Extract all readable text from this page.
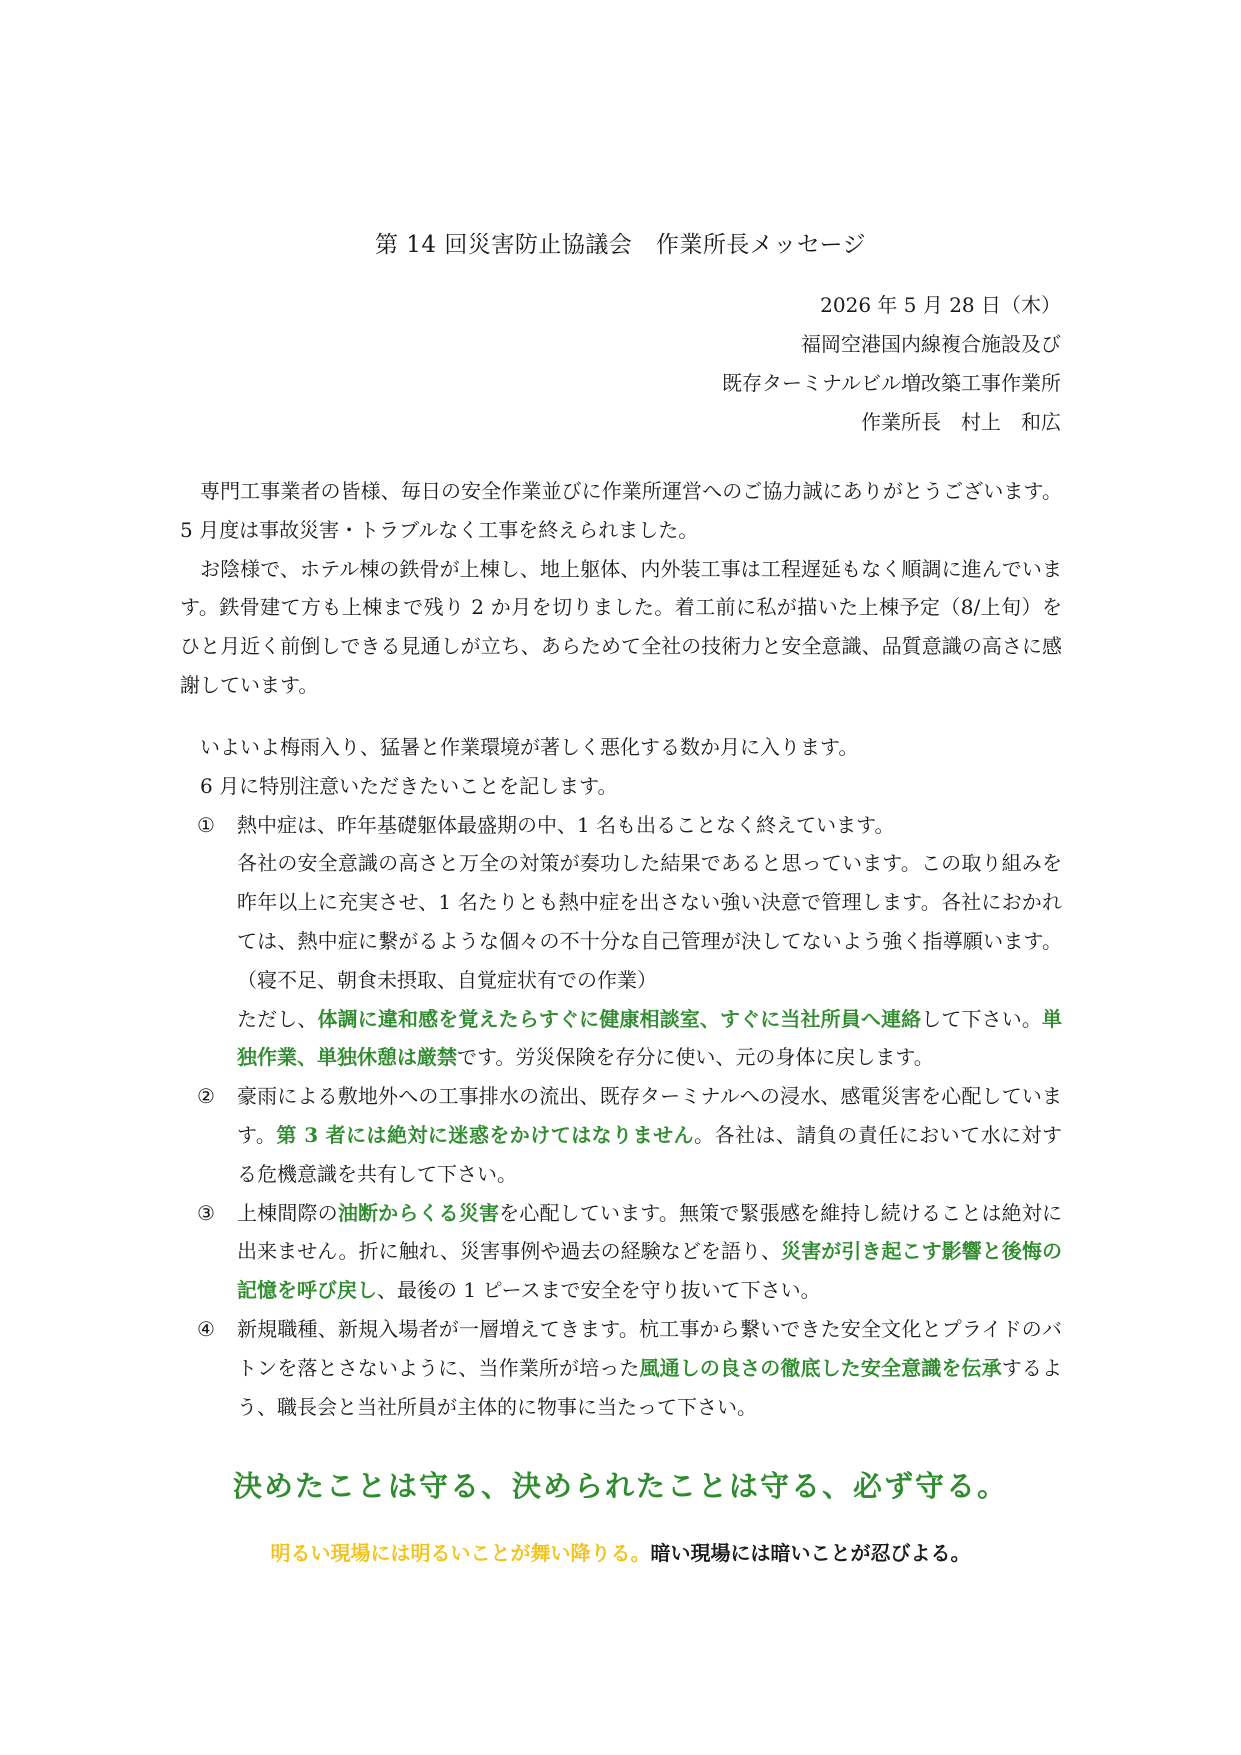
第 14 回災害防止協議会　作業所長メッセージ
2026 年 5 月 28 日（木）
福岡空港国内線複合施設及び
既存ターミナルビル増改築工事作業所
作業所長　村上　和広

専門工事業者の皆様、毎日の安全作業並びに作業所運営へのご協力誠にありがとうございます。5 月度は事故災害・トラブルなく工事を終えられました。

お陰様で、ホテル棟の鉄骨が上棟し、地上躯体、内外装工事は工程遅延もなく順調に進んでいます。鉄骨建て方も上棟まで残り 2 か月を切りました。着工前に私が描いた上棟予定（8/上旬）をひと月近く前倒しできる見通しが立ち、あらためて全社の技術力と安全意識、品質意識の高さに感謝しています。

いよいよ梅雨入り、猛暑と作業環境が著しく悪化する数か月に入ります。

6 月に特別注意いただきたいことを記します。

① 熱中症は、昨年基礎躯体最盛期の中、1 名も出ることなく終えています。
各社の安全意識の高さと万全の対策が奏功した結果であると思っています。この取り組みを昨年以上に充実させ、1 名たりとも熱中症を出さない強い決意で管理します。各社におかれては、熱中症に繋がるような個々の不十分な自己管理が決してないよう強く指導願います。（寝不足、朝食未摂取、自覚症状有での作業）
ただし、体調に違和感を覚えたらすぐに健康相談室、すぐに当社所員へ連絡して下さい。単独作業、単独休憩は厳禁です。労災保険を存分に使い、元の身体に戻します。
② 豪雨による敷地外への工事排水の流出、既存ターミナルへの浸水、感電災害を心配しています。第 3 者には絶対に迷惑をかけてはなりません。各社は、請負の責任において水に対する危機意識を共有して下さい。
③ 上棟間際の油断からくる災害を心配しています。無策で緊張感を維持し続けることは絶対に出来ません。折に触れ、災害事例や過去の経験などを語り、災害が引き起こす影響と後悔の記憶を呼び戻し、最後の 1 ピースまで安全を守り抜いて下さい。
④ 新規職種、新規入場者が一層増えてきます。杭工事から繋いできた安全文化とプライドのバトンを落とさないように、当作業所が培った風通しの良さの徹底した安全意識を伝承するよう、職長会と当社所員が主体的に物事に当たって下さい。
決めたことは守る、決められたことは守る、必ず守る。
明るい現場には明るいことが舞い降りる。暗い現場には暗いことが忍びよる。
